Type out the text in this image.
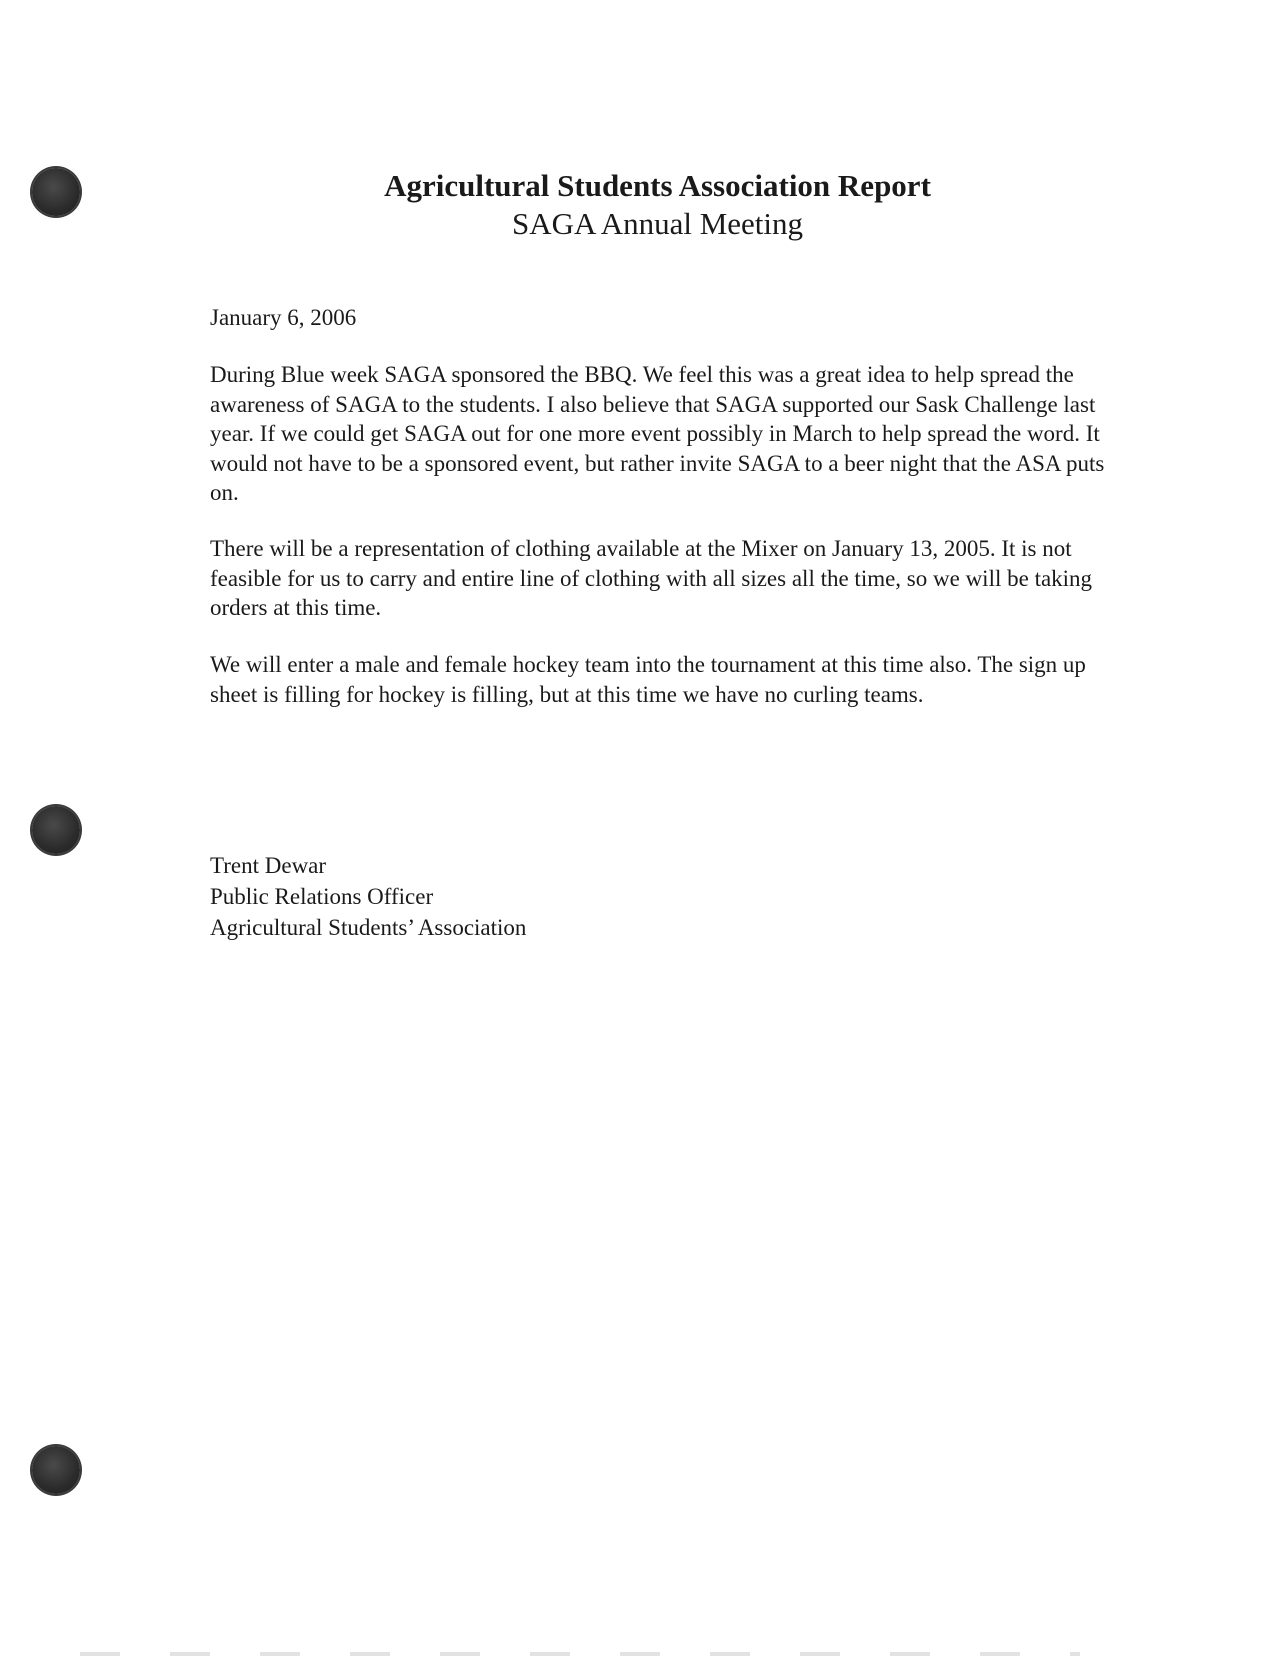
Agricultural Students Association Report

SAGA Annual Meeting

January 6, 2006
During Blue week SAGA sponsored the BBQ. We feel this was a great idea to help spread the awareness of SAGA to the students. I also believe that SAGA supported our Sask Challenge last year. If we could get SAGA out for one more event possibly in March to help spread the word. It would not have to be a sponsored event, but rather invite SAGA to a beer night that the ASA puts on.
There will be a representation of clothing available at the Mixer on January 13, 2005. It is not feasible for us to carry and entire line of clothing with all sizes all the time, so we will be taking orders at this time.
We will enter a male and female hockey team into the tournament at this time also. The sign up sheet is filling for hockey is filling, but at this time we have no curling teams.
Trent Dewar
Public Relations Officer
Agricultural Students’ Association
